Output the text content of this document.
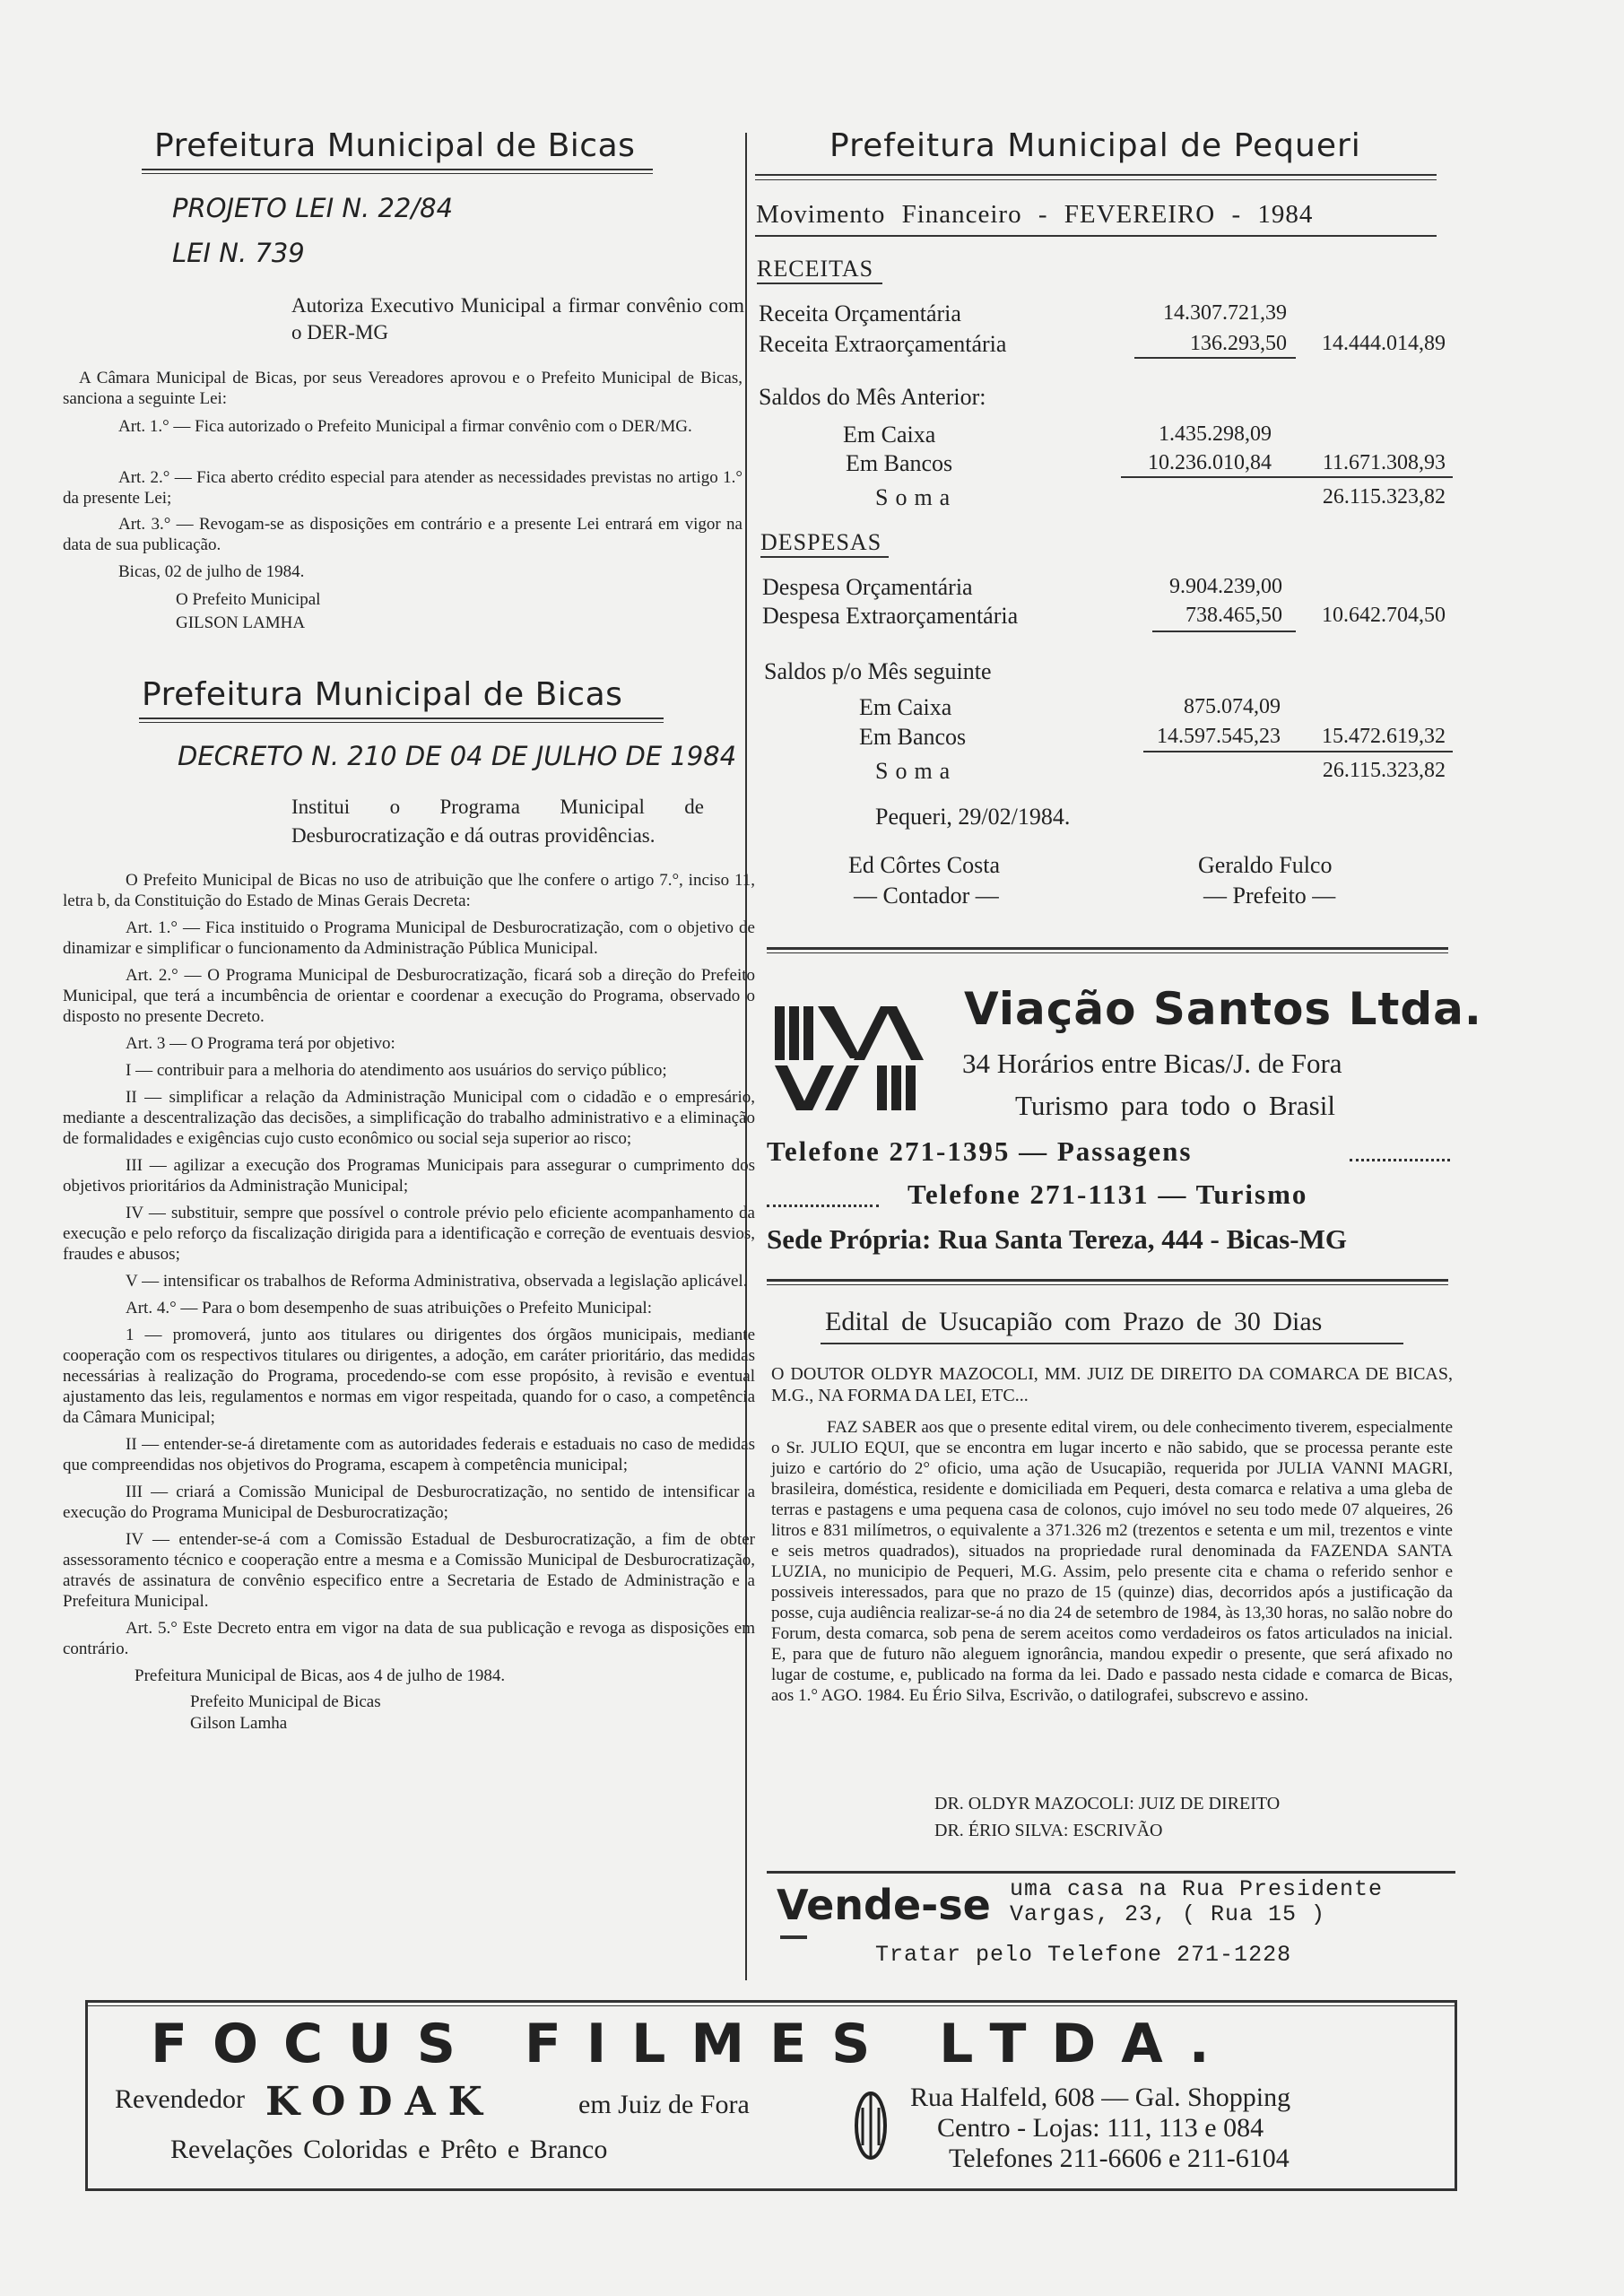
Prefeitura Municipal de Bicas
PROJETO LEI N. 22/84
LEI N. 739

Autoriza Executivo Municipal a firmar convênio com o DER-MG

A Câmara Municipal de Bicas, por seus Vereadores aprovou e o Prefeito Municipal de Bicas, sanciona a seguinte Lei:

Art. 1.° — Fica autorizado o Prefeito Municipal a firmar convênio com o DER/MG.

Art. 2.° — Fica aberto crédito especial para atender as necessidades previstas no artigo 1.° da presente Lei;

Art. 3.° — Revogam-se as disposições em contrário e a presente Lei entrará em vigor na data de sua publicação.

Bicas, 02 de julho de 1984.
O Prefeito Municipal
GILSON LAMHA
Prefeitura Municipal de Bicas
DECRETO N. 210 DE 04 DE JULHO DE 1984

Institui o Programa Municipal de Desburocratização e dá outras providências.

O Prefeito Municipal de Bicas no uso de atribuição que lhe confere o artigo 7.°, inciso 11, letra b, da Constituição do Estado de Minas Gerais Decreta:

Art. 1.° — Fica instituido o Programa Municipal de Desburocratização, com o objetivo de dinamizar e simplificar o funcionamento da Administração Pública Municipal.

Art. 2.° — O Programa Municipal de Desburocratização, ficará sob a direção do Prefeito Municipal, que terá a incumbência de orientar e coordenar a execução do Programa, observado o disposto no presente Decreto.

Art. 3 — O Programa terá por objetivo:

I — contribuir para a melhoria do atendimento aos usuários do serviço público;

II — simplificar a relação da Administração Municipal com o cidadão e o empresário, mediante a descentralização das decisões, a simplificação do trabalho administrativo e a eliminação de formalidades e exigências cujo custo econômico ou social seja superior ao risco;

III — agilizar a execução dos Programas Municipais para assegurar o cumprimento dos objetivos prioritários da Administração Municipal;

IV — substituir, sempre que possível o controle prévio pelo eficiente acompanhamento da execução e pelo reforço da fiscalização dirigida para a identificação e correção de eventuais desvios, fraudes e abusos;

V — intensificar os trabalhos de Reforma Administrativa, observada a legislação aplicável.

Art. 4.° — Para o bom desempenho de suas atribuições o Prefeito Municipal:

1 — promoverá, junto aos titulares ou dirigentes dos órgãos municipais, mediante cooperação com os respectivos titulares ou dirigentes, a adoção, em caráter prioritário, das medidas necessárias à realização do Programa, procedendo-se com esse propósito, à revisão e eventual ajustamento das leis, regulamentos e normas em vigor respeitada, quando for o caso, a competência da Câmara Municipal;

II — entender-se-á diretamente com as autoridades federais e estaduais no caso de medidas que compreendidas nos objetivos do Programa, escapem à competência municipal;

III — criará a Comissão Municipal de Desburocratização, no sentido de intensificar a execução do Programa Municipal de Desburocratização;

IV — entender-se-á com a Comissão Estadual de Desburocratização, a fim de obter assessoramento técnico e cooperação entre a mesma e a Comissão Municipal de Desburocratização, através de assinatura de convênio especifico entre a Secretaria de Estado de Administração e a Prefeitura Municipal.

Art. 5.° Este Decreto entra em vigor na data de sua publicação e revoga as disposições em contrário.

Prefeitura Municipal de Bicas, aos 4 de julho de 1984.

Prefeito Municipal de Bicas
Gilson Lamha
Prefeitura Municipal de Pequeri
Movimento Financeiro - FEVEREIRO - 1984
RECEITAS
Receita Orçamentária	14.307.721,39
Receita Extraorçamentária	136.293,50	14.444.014,89
Saldos do Mês Anterior:
Em Caixa	1.435.298,09
Em Bancos	10.236.010,84	11.671.308,93
Soma	26.115.323,82
DESPESAS
Despesa Orçamentária	9.904.239,00
Despesa Extraorçamentária	738.465,50	10.642.704,50
Saldos p/o Mês seguinte
Em Caixa	875.074,09
Em Bancos	14.597.545,23	15.472.619,32
Soma	26.115.323,82
Pequeri, 29/02/1984.
Ed Côrtes Costa
— Contador —
Geraldo Fulco
— Prefeito —
Viação Santos Ltda.
34 Horários entre Bicas/J. de Fora
Turismo para todo o Brasil
Telefone 271-1395 — Passagens
Telefone 271-1131 — Turismo
Sede Própria: Rua Santa Tereza, 444 - Bicas-MG
Edital de Usucapião com Prazo de 30 Dias

O DOUTOR OLDYR MAZOCOLI, MM. JUIZ DE DIREITO DA COMARCA DE BICAS, M.G., NA FORMA DA LEI, ETC...

FAZ SABER aos que o presente edital virem, ou dele conhecimento tiverem, especialmente o Sr. JULIO EQUI, que se encontra em lugar incerto e não sabido, que se processa perante este juizo e cartório do 2° oficio, uma ação de Usucapião, requerida por JULIA VANNI MAGRI, brasileira, doméstica, residente e domiciliada em Pequeri, desta comarca e relativa a uma gleba de terras e pastagens e uma pequena casa de colonos, cujo imóvel no seu todo mede 07 alqueires, 26 litros e 831 milímetros, o equivalente a 371.326 m2 (trezentos e setenta e um mil, trezentos e vinte e seis metros quadrados), situados na propriedade rural denominada da FAZENDA SANTA LUZIA, no municipio de Pequeri, M.G. Assim, pelo presente cita e chama o referido senhor e possiveis interessados, para que no prazo de 15 (quinze) dias, decorridos após a justificação da posse, cuja audiência realizar-se-á no dia 24 de setembro de 1984, às 13,30 horas, no salão nobre do Forum, desta comarca, sob pena de serem aceitos como verdadeiros os fatos articulados na inicial. E, para que de futuro não aleguem ignorância, mandou expedir o presente, que será afixado no lugar de costume, e, publicado na forma da lei. Dado e passado nesta cidade e comarca de Bicas, aos 1.° AGO. 1984. Eu Ério Silva, Escrivão, o datilografei, subscrevo e assino.

DR. OLDYR MAZOCOLI: JUIZ DE DIREITO
DR. ÉRIO SILVA: ESCRIVÃO
Vende-se uma casa na Rua Presidente
Vargas, 23, ( Rua 15 )
Tratar pelo Telefone 271-1228
FOCUS FILMES LTDA.
Revendedor KODAK	em Juiz de Fora
Revelações Coloridas e Prêto e Branco
Rua Halfeld, 608 — Gal. Shopping
Centro - Lojas: 111, 113 e 084
Telefones 211-6606 e 211-6104
